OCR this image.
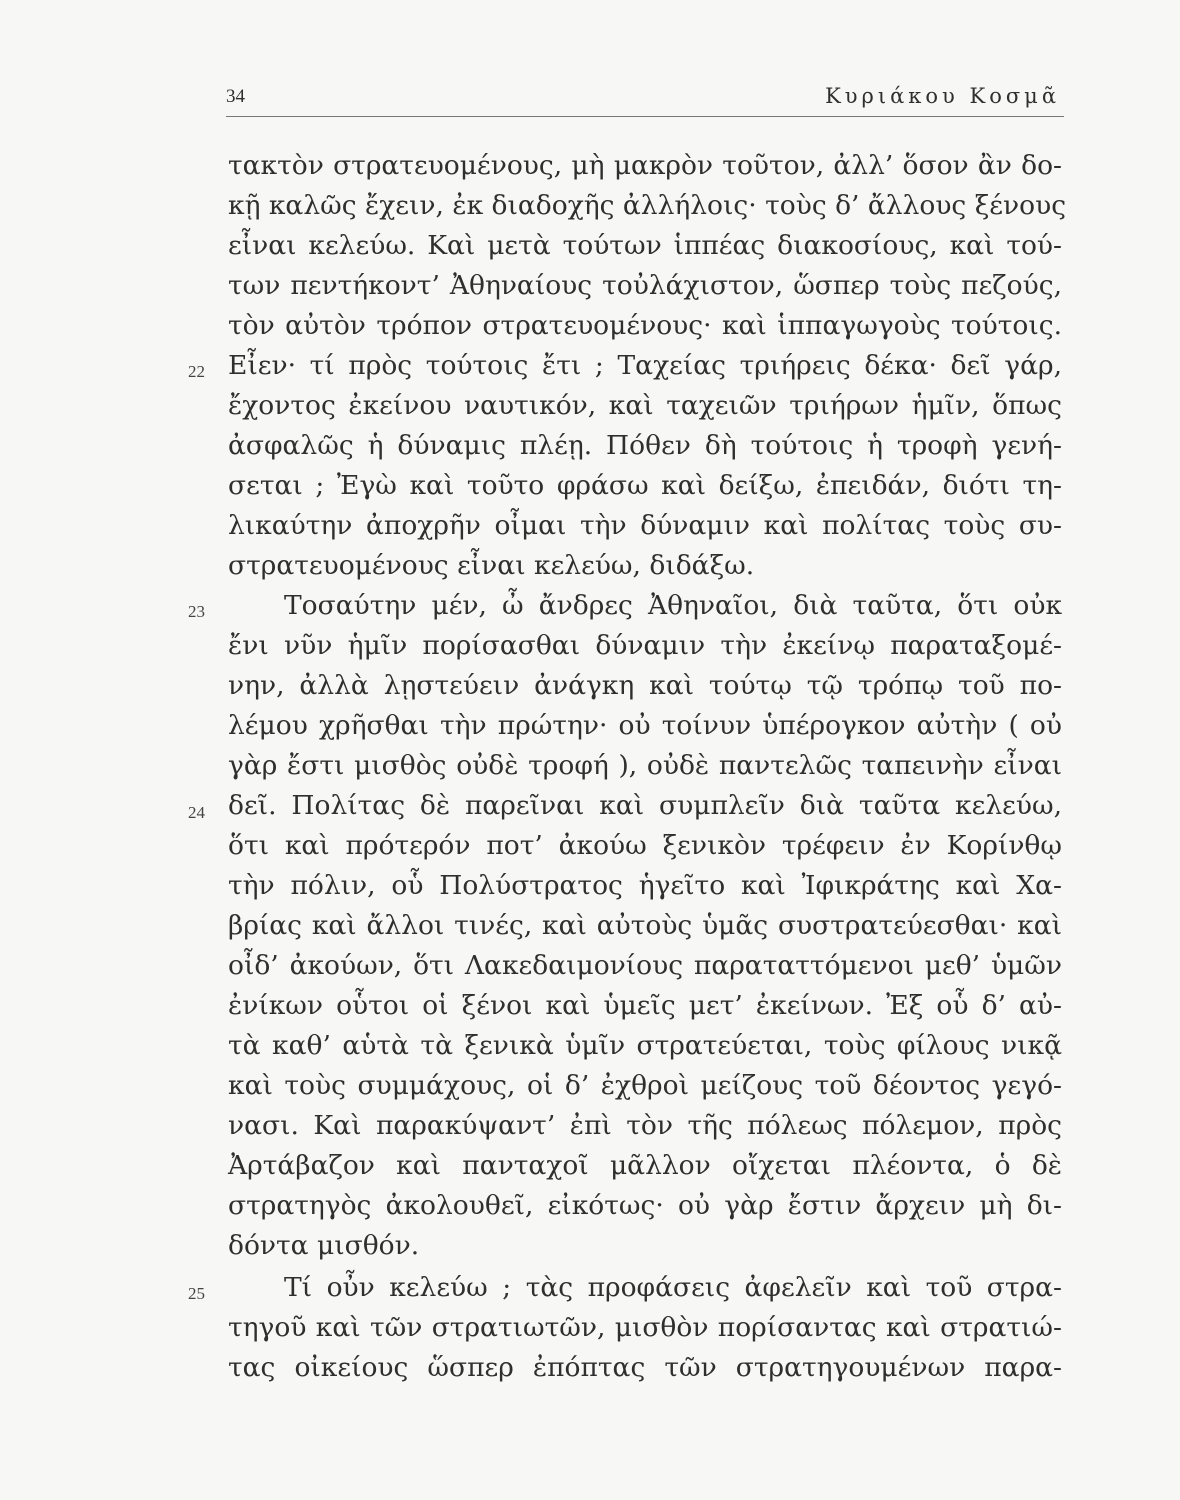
34	Κυριάκου Κοσμᾶ
22
23
24
25
τακτὸν στρατευομένους, μὴ μακρὸν τοῦτον, ἀλλ’ ὅσον ἂν δο-
κῇ καλῶς ἔχειν, ἐκ διαδοχῆς ἀλλήλοις· τοὺς δ’ ἄλλους ξένους
εἶναι κελεύω. Καὶ μετὰ τούτων ἱππέας διακοσίους, καὶ τού-
των πεντήκοντ’ Ἀθηναίους τοὐλάχιστον, ὥσπερ τοὺς πεζούς,
τὸν αὐτὸν τρόπον στρατευομένους· καὶ ἱππαγωγοὺς τούτοις.
Εἶεν· τί πρὸς τούτοις ἔτι ; Ταχείας τριήρεις δέκα· δεῖ γάρ,
ἔχοντος ἐκείνου ναυτικόν, καὶ ταχειῶν τριήρων ἡμῖν, ὅπως
ἀσφαλῶς ἡ δύναμις πλέῃ. Πόθεν δὴ τούτοις ἡ τροφὴ γενή-
σεται ; Ἐγὼ καὶ τοῦτο φράσω καὶ δείξω, ἐπειδάν, διότι τη-
λικαύτην ἀποχρῆν οἶμαι τὴν δύναμιν καὶ πολίτας τοὺς συ-
στρατευομένους εἶναι κελεύω, διδάξω.
Τοσαύτην μέν, ὦ ἄνδρες Ἀθηναῖοι, διὰ ταῦτα, ὅτι οὐκ
ἔνι νῦν ἡμῖν πορίσασθαι δύναμιν τὴν ἐκείνῳ παραταξομέ-
νην, ἀλλὰ λῃστεύειν ἀνάγκη καὶ τούτῳ τῷ τρόπῳ τοῦ πο-
λέμου χρῆσθαι τὴν πρώτην· οὐ τοίνυν ὑπέρογκον αὐτὴν ( οὐ
γὰρ ἔστι μισθὸς οὐδὲ τροφή ), οὐδὲ παντελῶς ταπεινὴν εἶναι
δεῖ. Πολίτας δὲ παρεῖναι καὶ συμπλεῖν διὰ ταῦτα κελεύω,
ὅτι καὶ πρότερόν ποτ’ ἀκούω ξενικὸν τρέφειν ἐν Κορίνθῳ
τὴν πόλιν, οὗ Πολύστρατος ἡγεῖτο καὶ Ἰφικράτης καὶ Χα-
βρίας καὶ ἄλλοι τινές, καὶ αὐτοὺς ὑμᾶς συστρατεύεσθαι· καὶ
οἶδ’ ἀκούων, ὅτι Λακεδαιμονίους παραταττόμενοι μεθ’ ὑμῶν
ἐνίκων οὗτοι οἱ ξένοι καὶ ὑμεῖς μετ’ ἐκείνων. Ἐξ οὗ δ’ αὐ-
τὰ καθ’ αὑτὰ τὰ ξενικὰ ὑμῖν στρατεύεται, τοὺς φίλους νικᾷ
καὶ τοὺς συμμάχους, οἱ δ’ ἐχθροὶ μείζους τοῦ δέοντος γεγό-
νασι. Καὶ παρακύψαντ’ ἐπὶ τὸν τῆς πόλεως πόλεμον, πρὸς
Ἀρτάβαζον καὶ πανταχοῖ μᾶλλον οἴχεται πλέοντα, ὁ δὲ
στρατηγὸς ἀκολουθεῖ, εἰκότως· οὐ γὰρ ἔστιν ἄρχειν μὴ δι-
δόντα μισθόν.
Τί οὖν κελεύω ; τὰς προφάσεις ἀφελεῖν καὶ τοῦ στρα-
τηγοῦ καὶ τῶν στρατιωτῶν, μισθὸν πορίσαντας καὶ στρατιώ-
τας οἰκείους ὥσπερ ἐπόπτας τῶν στρατηγουμένων παρα-
